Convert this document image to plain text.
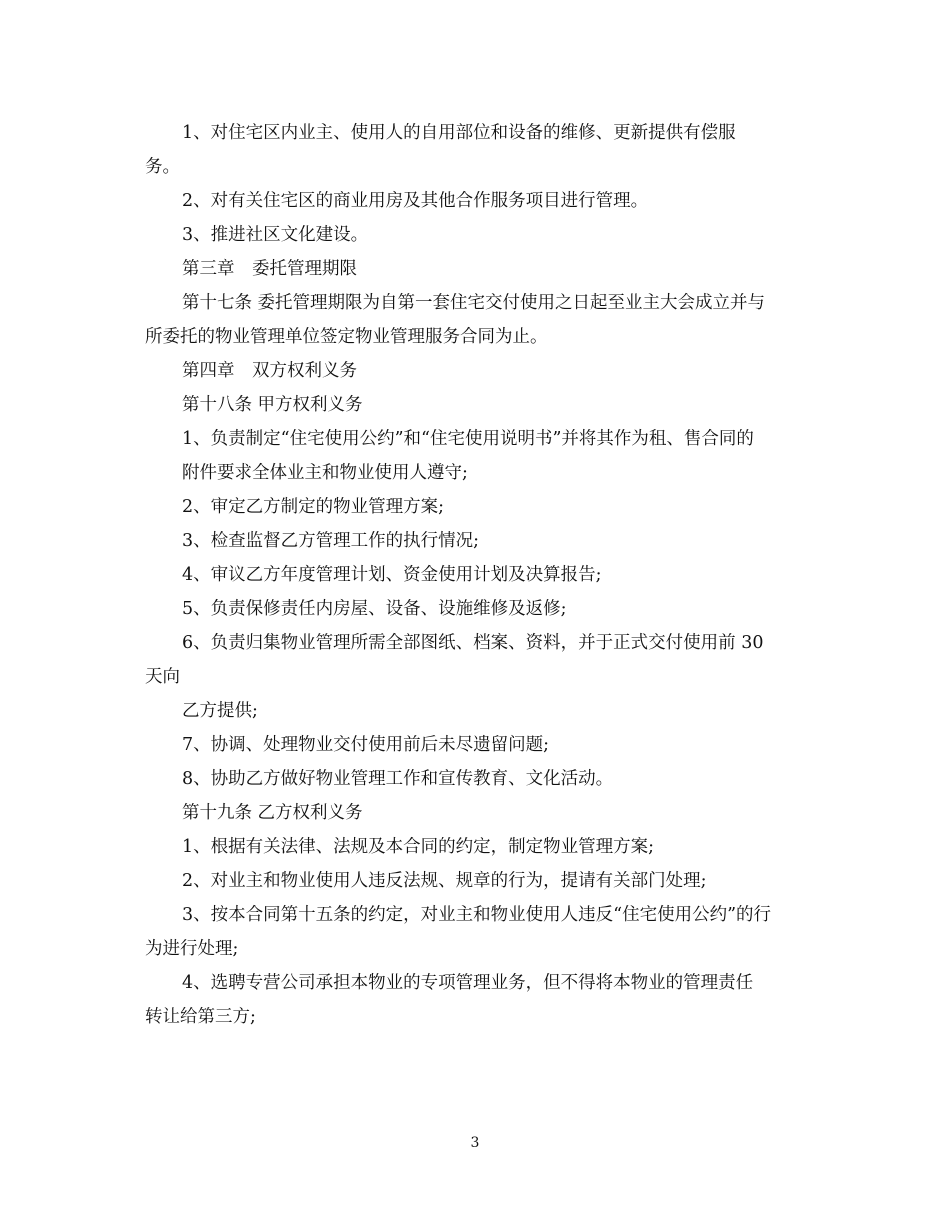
1、对住宅区内业主、使用人的自用部位和设备的维修、更新提供有偿服
务。
2、对有关住宅区的商业用房及其他合作服务项目进行管理。
3、推进社区文化建设。
第三章　委托管理期限
第十七条 委托管理期限为自第一套住宅交付使用之日起至业主大会成立并与
所委托的物业管理单位签定物业管理服务合同为止。
第四章　双方权利义务
第十八条 甲方权利义务
1、负责制定“住宅使用公约”和“住宅使用说明书”并将其作为租、售合同的
附件要求全体业主和物业使用人遵守;
2、审定乙方制定的物业管理方案;
3、检查监督乙方管理工作的执行情况;
4、审议乙方年度管理计划、资金使用计划及决算报告;
5、负责保修责任内房屋、设备、设施维修及返修;
6、负责归集物业管理所需全部图纸、档案、资料，并于正式交付使用前 30
天向
乙方提供;
7、协调、处理物业交付使用前后未尽遗留问题;
8、协助乙方做好物业管理工作和宣传教育、文化活动。
第十九条 乙方权利义务
1、根据有关法律、法规及本合同的约定，制定物业管理方案;
2、对业主和物业使用人违反法规、规章的行为，提请有关部门处理;
3、按本合同第十五条的约定，对业主和物业使用人违反“住宅使用公约”的行
为进行处理;
4、选聘专营公司承担本物业的专项管理业务，但不得将本物业的管理责任
转让给第三方;
3
